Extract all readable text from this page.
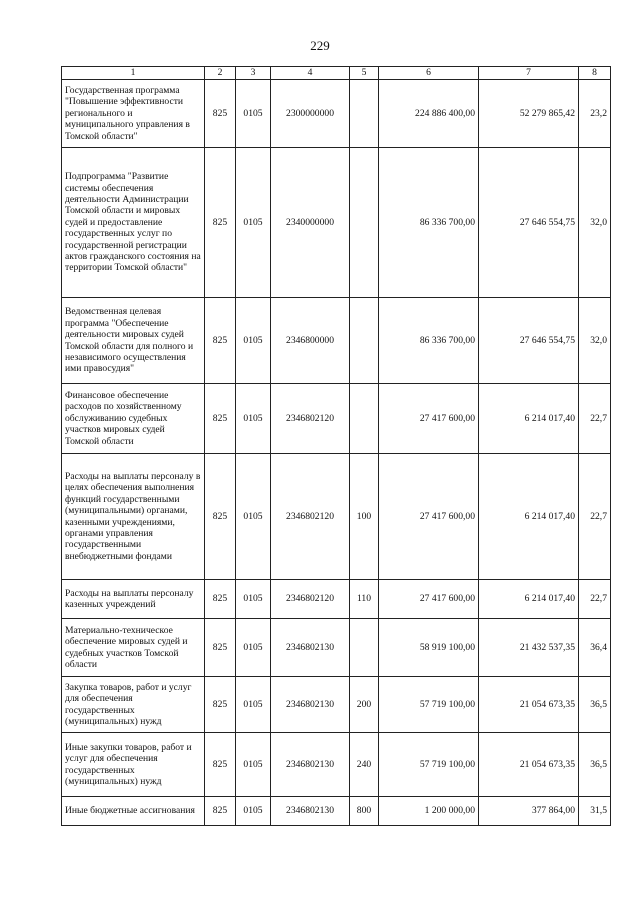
229
1	2	3	4	5	6	7	8
Государственная программа "Повышение эффективности регионального и муниципального управления в Томской области"	825	0105	2300000000		224 886 400,00	52 279 865,42	23,2
Подпрограмма "Развитие системы обеспечения деятельности Администрации Томской области и мировых судей и предоставление государственных услуг по государственной регистрации актов гражданского состояния на территории Томской области"	825	0105	2340000000		86 336 700,00	27 646 554,75	32,0
Ведомственная целевая программа "Обеспечение деятельности мировых судей Томской области для полного и независимого осуществления ими правосудия"	825	0105	2346800000		86 336 700,00	27 646 554,75	32,0
Финансовое обеспечение расходов по хозяйственному обслуживанию судебных участков мировых судей Томской области	825	0105	2346802120		27 417 600,00	6 214 017,40	22,7
Расходы на выплаты персоналу в целях обеспечения выполнения функций государственными (муниципальными) органами, казенными учреждениями, органами управления государственными внебюджетными фондами	825	0105	2346802120	100	27 417 600,00	6 214 017,40	22,7
Расходы на выплаты персоналу казенных учреждений	825	0105	2346802120	110	27 417 600,00	6 214 017,40	22,7
Материально-техническое обеспечение мировых судей и судебных участков Томской области	825	0105	2346802130		58 919 100,00	21 432 537,35	36,4
Закупка товаров, работ и услуг для обеспечения государственных (муниципальных) нужд	825	0105	2346802130	200	57 719 100,00	21 054 673,35	36,5
Иные закупки товаров, работ и услуг для обеспечения государственных (муниципальных) нужд	825	0105	2346802130	240	57 719 100,00	21 054 673,35	36,5
Иные бюджетные ассигнования	825	0105	2346802130	800	1 200 000,00	377 864,00	31,5
